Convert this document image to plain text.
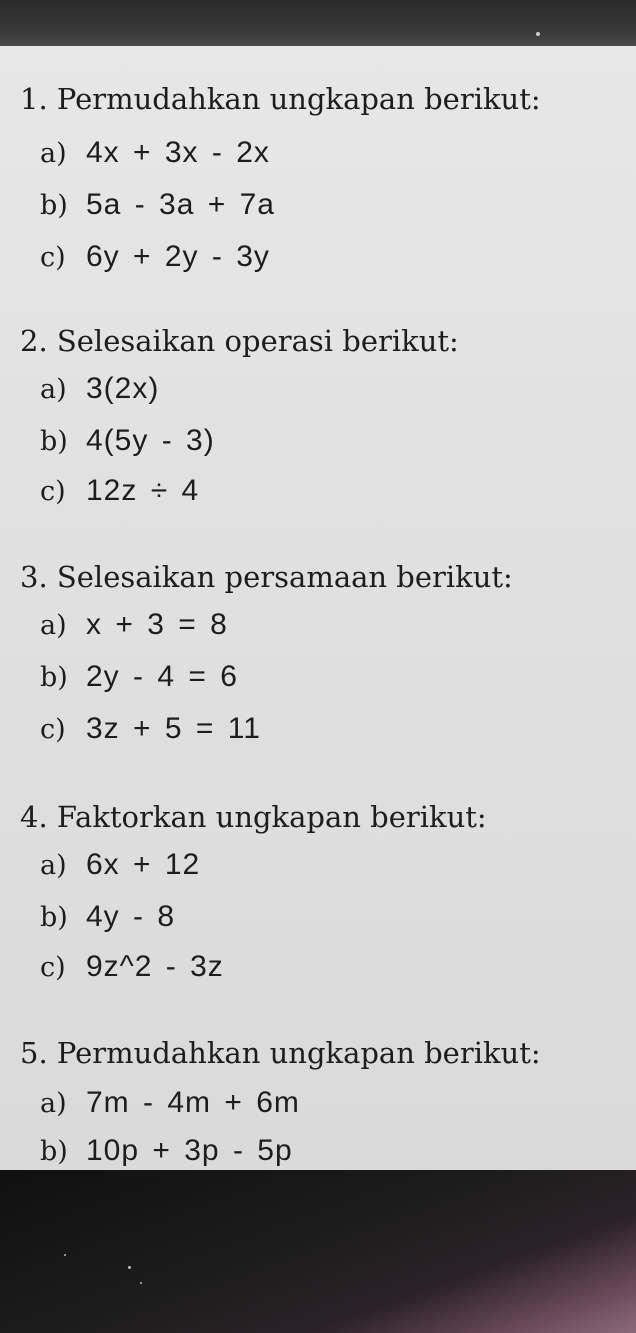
1. Permudahkan ungkapan berikut:
a) 4x + 3x - 2x
b) 5a - 3a + 7a
c) 6y + 2y - 3y
2. Selesaikan operasi berikut:
a) 3(2x)
b) 4(5y - 3)
c) 12z ÷ 4
3. Selesaikan persamaan berikut:
a) x + 3 = 8
b) 2y - 4 = 6
c) 3z + 5 = 11
4. Faktorkan ungkapan berikut:
a) 6x + 12
b) 4y - 8
c) 9z^2 - 3z
5. Permudahkan ungkapan berikut:
a) 7m - 4m + 6m
b) 10p + 3p - 5p
